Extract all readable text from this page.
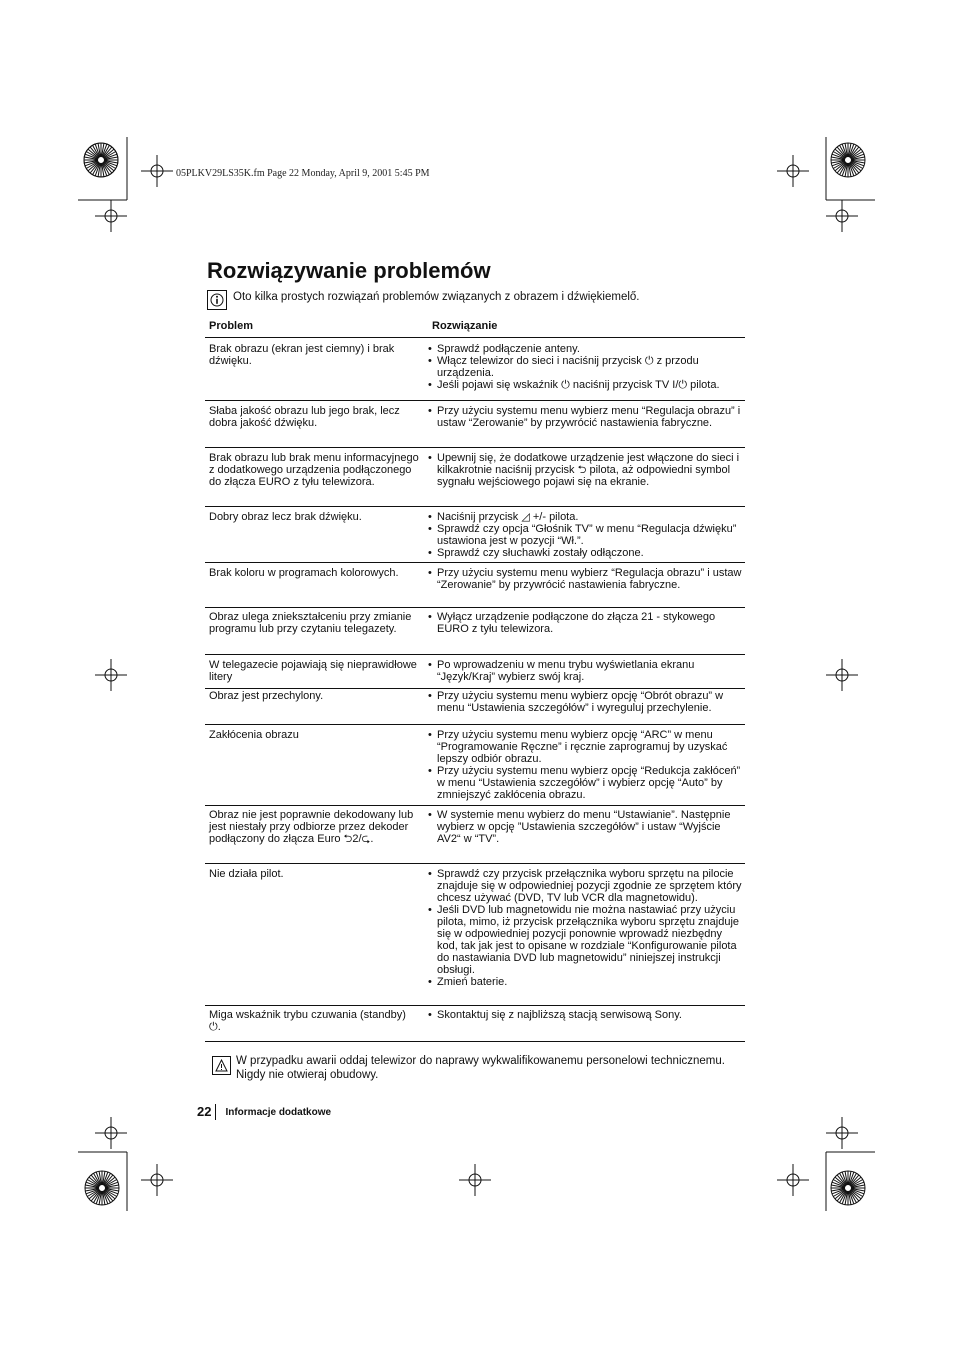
05PLKV29LS35K.fm Page 22 Monday, April 9, 2001 5:45 PM
Rozwiązywanie problemów
Oto kilka prostych rozwiązań problemów związanych z obrazem i dźwiękiemelő.
Problem	Rozwiązanie
Brak obrazu (ekran jest ciemny) i brak dźwięku.
• Sprawdź podłączenie anteny.
• Włącz telewizor do sieci i naciśnij przycisk ⏻ z przodu urządzenia.
• Jeśli pojawi się wskaźnik ⏻ naciśnij przycisk TV I/⏻ pilota.
Słaba jakość obrazu lub jego brak, lecz dobra jakość dźwięku.
• Przy użyciu systemu menu wybierz menu “Regulacja obrazu” i ustaw “Zerowanie” by przywrócić nastawienia fabryczne.
Brak obrazu lub brak menu informacyjnego z dodatkowego urządzenia podłączonego do złącza EURO z tyłu telewizora.
• Upewnij się, że dodatkowe urządzenie jest włączone do sieci i kilkakrotnie naciśnij przycisk ⮌ pilota, aż odpowiedni symbol sygnału wejściowego pojawi się na ekranie.
Dobry obraz lecz brak dźwięku.	• Naciśnij przycisk ◿ +/- pilota.
• Sprawdź czy opcja “Głośnik TV” w menu “Regulacja dźwięku” ustawiona jest w pozycji “Wł.”.
• Sprawdź czy słuchawki zostały odłączone.
Brak koloru w programach kolorowych.	• Przy użyciu systemu menu wybierz “Regulacja obrazu” i ustaw “Zerowanie” by przywrócić nastawienia fabryczne.
Obraz ulega zniekształceniu przy zmianie programu lub przy czytaniu telegazety.
• Wyłącz urządzenie podłączone do złącza 21 - stykowego EURO z tyłu telewizora.
W telegazecie pojawiają się nieprawidłowe litery
• Po wprowadzeniu w menu trybu wyświetlania ekranu “Język/Kraj” wybierz swój kraj.
Obraz jest przechylony.	• Przy użyciu systemu menu wybierz opcję “Obrót obrazu” w menu “Ustawienia szczegółów” i wyreguluj przechylenie.
Zakłócenia obrazu	• Przy użyciu systemu menu wybierz opcję “ARC” w menu “Programowanie Ręczne” i ręcznie zaprogramuj by uzyskać lepszy odbiór obrazu.
• Przy użyciu systemu menu wybierz opcję “Redukcja zakłóceń” w menu “Ustawienia szczegółów” i wybierz opcję “Auto” by zmniejszyć zakłócenia obrazu.
Obraz nie jest poprawnie dekodowany lub jest niestały przy odbiorze przez dekoder podłączony do złącza Euro ⮌2/⮎.
• W systemie menu wybierz do menu “Ustawianie”. Następnie wybierz w opcję ”Ustawienia szczegółów” i ustaw “Wyjście AV2“ w “TV”.
Nie działa pilot.	• Sprawdź czy przycisk przełącznika wyboru sprzętu na pilocie znajduje się w odpowiedniej pozycji zgodnie ze sprzętem który chcesz używać (DVD, TV lub VCR dla magnetowidu).
• Jeśli DVD lub magnetowidu nie można nastawiać przy użyciu pilota, mimo, iż przycisk przełącznika wyboru sprzętu znajduje się w odpowiedniej pozycji ponownie wprowadź niezbędny kod, tak jak jest to opisane w rozdziale “Konfigurowanie pilota do nastawiania DVD lub magnetowidu” niniejszej instrukcji obsługi.
• Zmień baterie.
Miga wskaźnik trybu czuwania (standby) ⏻.
• Skontaktuj się z najbliższą stacją serwisową Sony.
W przypadku awarii oddaj telewizor do naprawy wykwalifikowanemu personelowi technicznemu. Nigdy nie otwieraj obudowy.
22	Informacje dodatkowe
